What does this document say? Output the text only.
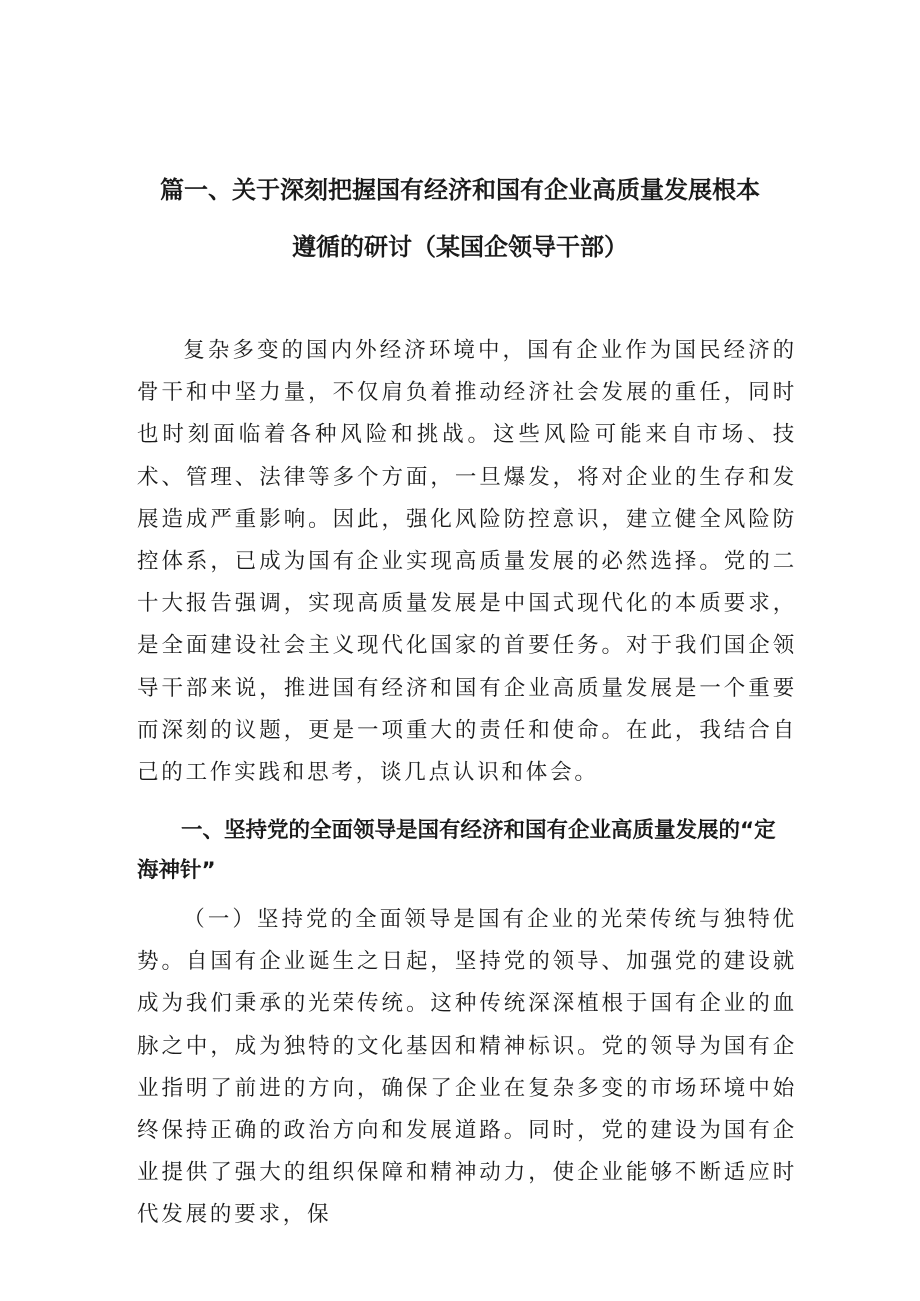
篇一、关于深刻把握国有经济和国有企业高质量发展根本
遵循的研讨（某国企领导干部）

复杂多变的国内外经济环境中，国有企业作为国民经济的骨干和中坚力量，不仅肩负着推动经济社会发展的重任，同时也时刻面临着各种风险和挑战。这些风险可能来自市场、技术、管理、法律等多个方面，一旦爆发，将对企业的生存和发展造成严重影响。因此，强化风险防控意识，建立健全风险防控体系，已成为国有企业实现高质量发展的必然选择。党的二十大报告强调，实现高质量发展是中国式现代化的本质要求，是全面建设社会主义现代化国家的首要任务。对于我们国企领导干部来说，推进国有经济和国有企业高质量发展是一个重要而深刻的议题，更是一项重大的责任和使命。在此，我结合自己的工作实践和思考，谈几点认识和体会。

一、坚持党的全面领导是国有经济和国有企业高质量发展的“定海神针”

（一）坚持党的全面领导是国有企业的光荣传统与独特优势。自国有企业诞生之日起，坚持党的领导、加强党的建设就成为我们秉承的光荣传统。这种传统深深植根于国有企业的血脉之中，成为独特的文化基因和精神标识。党的领导为国有企业指明了前进的方向，确保了企业在复杂多变的市场环境中始终保持正确的政治方向和发展道路。同时，党的建设为国有企业提供了强大的组织保障和精神动力，使企业能够不断适应时代发展的要求，保
